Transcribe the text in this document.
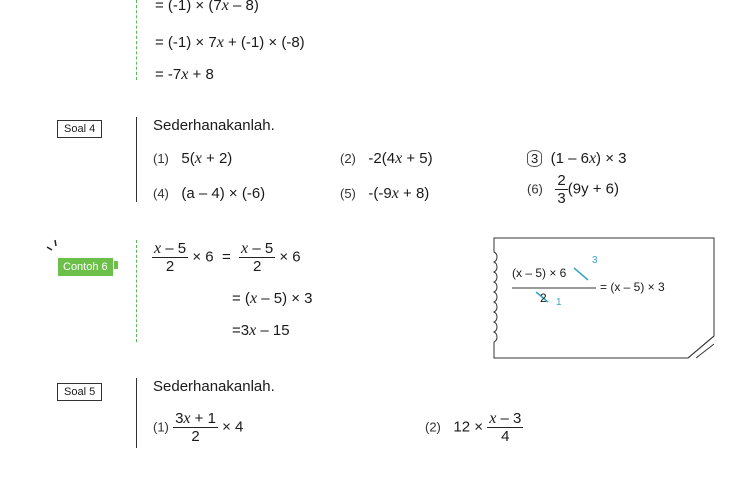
= (-1) × (7x – 8)
= (-1) × 7x + (-1) × (-8)
= -7x + 8
Soal 4	Sederhanakanlah.
(1) 5(x + 2)	(2) -2(4x + 5)	3 (1 – 6x) × 3
(4) (a – 4) × (-6)	(5) -(-9x + 8)	$(6) \frac{2}{3} (9y + 6)$
Contoh 6	$\frac{x - 5}{2} \times 6 = \frac{x - 5}{2} \times 6$
= (x – 5) × 3
=3x – 15
(x – 5) × 6
2
= (x – 5) × 3
3
1
Soal 5	Sederhanakanlah.
$(1) \frac{3x + 1}{2} \times 4$	(2) $12 \times \frac{x - 3}{4}$
